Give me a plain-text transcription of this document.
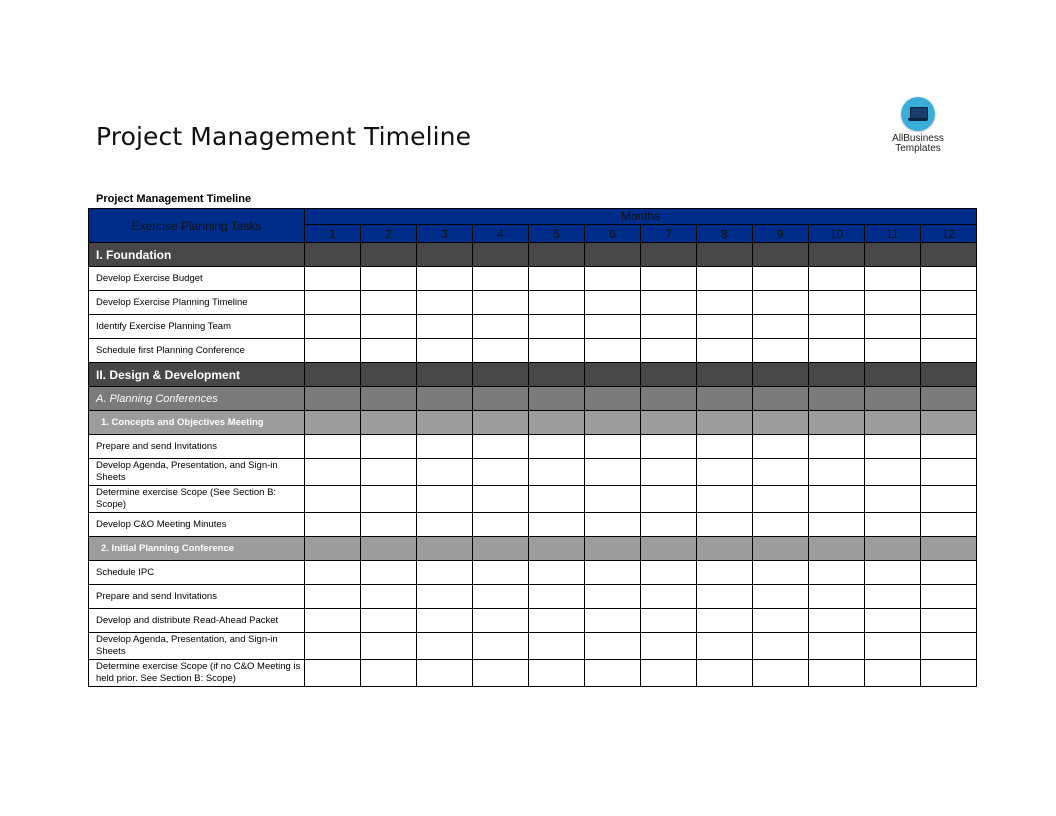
Project Management Timeline	AllBusiness
Templates
Project Management Timeline
Exercise Planning Tasks	Months											
	1	2	3	4	5	6	7	8	9	10	11	12
I. Foundation												
Develop Exercise Budget												
Develop Exercise Planning Timeline												
Identify Exercise Planning Team												
Schedule first Planning Conference												
II. Design & Development												
A. Planning Conferences												
1. Concepts and Objectives Meeting												
Prepare and send Invitations												
Develop Agenda, Presentation, and Sign-in Sheets												
Determine exercise Scope (See Section B: Scope)												
Develop C&O Meeting Minutes												
2. Initial Planning Conference												
Schedule IPC												
Prepare and send Invitations												
Develop and distribute Read-Ahead Packet												
Develop Agenda, Presentation, and Sign-in Sheets												
Determine exercise Scope (if no C&O Meeting is held prior. See Section B: Scope)												
